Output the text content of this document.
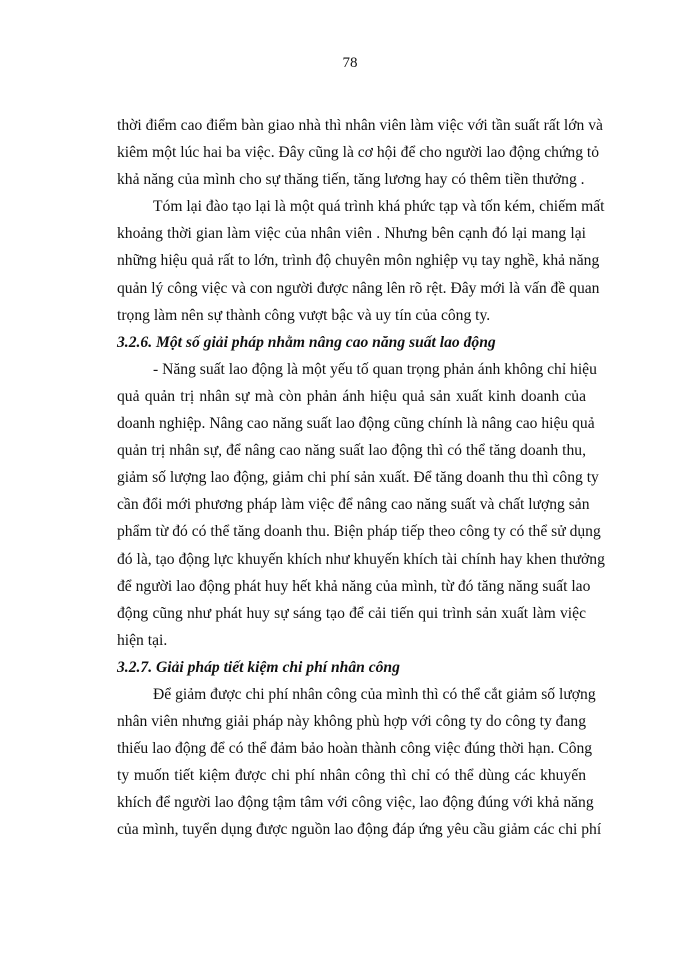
78

thời điểm cao điểm bàn giao nhà thì nhân viên làm việc với tần suất rất lớn và
kiêm một lúc hai ba việc. Đây cũng là cơ hội để cho người lao động chứng tỏ
khả năng của mình cho sự thăng tiến, tăng lương hay có thêm tiền thưởng .

Tóm lại đào tạo lại là một quá trình khá phức tạp và tốn kém, chiếm mất
khoảng thời gian làm việc của nhân viên . Nhưng bên cạnh đó lại mang lại
những hiệu quả rất to lớn, trình độ chuyên môn nghiệp vụ tay nghề, khả năng
quản lý công việc và con người được nâng lên rõ rệt. Đây mới là vấn đề quan
trọng làm nên sự thành công vượt bậc và uy tín của công ty.

3.2.6. Một số giải pháp nhằm nâng cao năng suất lao động

- Năng suất lao động là một yếu tố quan trọng phản ánh không chỉ hiệu
quả quản trị nhân sự mà còn phản ánh hiệu quả sản xuất kinh doanh của
doanh nghiệp. Nâng cao năng suất lao động cũng chính là nâng cao hiệu quả
quản trị nhân sự, để nâng cao năng suất lao động thì có thể tăng doanh thu,
giảm số lượng lao động, giảm chi phí sản xuất. Để tăng doanh thu thì công ty
cần đổi mới phương pháp làm việc để nâng cao năng suất và chất lượng sản
phẩm từ đó có thể tăng doanh thu. Biện pháp tiếp theo công ty có thể sử dụng
đó là, tạo động lực khuyến khích như khuyến khích tài chính hay khen thưởng
để người lao động phát huy hết khả năng của mình, từ đó tăng năng suất lao
động cũng như phát huy sự sáng tạo để cải tiến qui trình sản xuất làm việc
hiện tại.

3.2.7. Giải pháp tiết kiệm chi phí nhân công

Để giảm được chi phí nhân công của mình thì có thể cắt giảm số lượng
nhân viên nhưng giải pháp này không phù hợp với công ty do công ty đang
thiếu lao động để có thể đảm bảo hoàn thành công việc đúng thời hạn. Công
ty muốn tiết kiệm được chi phí nhân công thì chỉ có thể dùng các khuyến
khích để người lao động tậm tâm với công việc, lao động đúng với khả năng
của mình, tuyển dụng được nguồn lao động đáp ứng yêu cầu giảm các chi phí
